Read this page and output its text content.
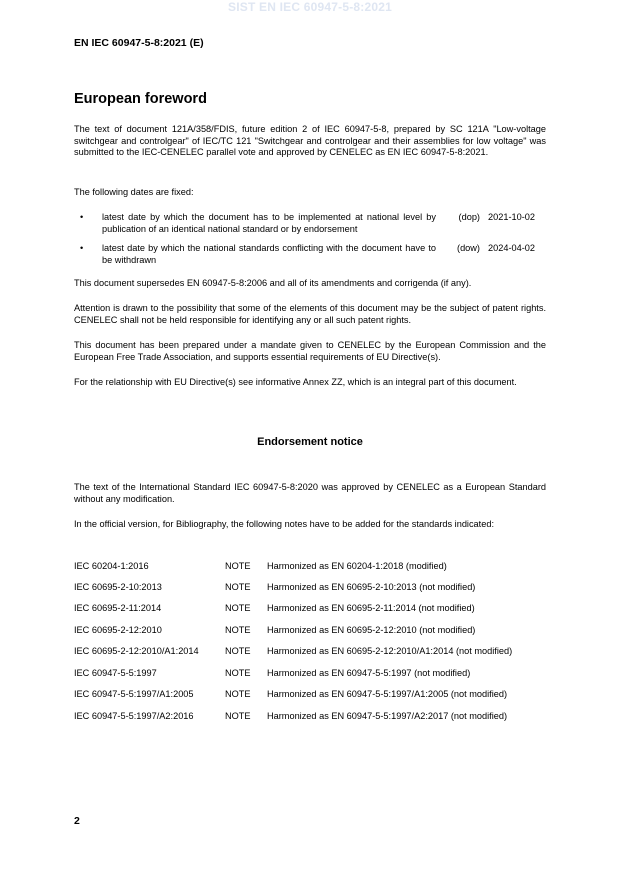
SIST EN IEC 60947-5-8:2021
EN IEC 60947-5-8:2021 (E)
European foreword
The text of document 121A/358/FDIS, future edition 2 of IEC 60947-5-8, prepared by SC 121A "Low-voltage switchgear and controlgear" of IEC/TC 121 "Switchgear and controlgear and their assemblies for low voltage" was submitted to the IEC-CENELEC parallel vote and approved by CENELEC as EN IEC 60947-5-8:2021.
The following dates are fixed:
• latest date by which the document has to be implemented at national level by publication of an identical national standard or by endorsement
(dop) 2021-10-02
• latest date by which the national standards conflicting with the document have to be withdrawn
(dow) 2024-04-02
This document supersedes EN 60947-5-8:2006 and all of its amendments and corrigenda (if any).
Attention is drawn to the possibility that some of the elements of this document may be the subject of patent rights. CENELEC shall not be held responsible for identifying any or all such patent rights.
This document has been prepared under a mandate given to CENELEC by the European Commission and the European Free Trade Association, and supports essential requirements of EU Directive(s).
For the relationship with EU Directive(s) see informative Annex ZZ, which is an integral part of this document.
Endorsement notice
The text of the International Standard IEC 60947-5-8:2020 was approved by CENELEC as a European Standard without any modification.
In the official version, for Bibliography, the following notes have to be added for the standards indicated:
IEC 60204-1:2016	NOTE Harmonized as EN 60204-1:2018 (modified)
IEC 60695-2-10:2013	NOTE Harmonized as EN 60695-2-10:2013 (not modified)
IEC 60695-2-11:2014	NOTE Harmonized as EN 60695-2-11:2014 (not modified)
IEC 60695-2-12:2010	NOTE Harmonized as EN 60695-2-12:2010 (not modified)
IEC 60695-2-12:2010/A1:2014	NOTE Harmonized as EN 60695-2-12:2010/A1:2014 (not modified)
IEC 60947-5-5:1997	NOTE Harmonized as EN 60947-5-5:1997 (not modified)
IEC 60947-5-5:1997/A1:2005	NOTE Harmonized as EN 60947-5-5:1997/A1:2005 (not modified)
IEC 60947-5-5:1997/A2:2016	NOTE Harmonized as EN 60947-5-5:1997/A2:2017 (not modified)
2
